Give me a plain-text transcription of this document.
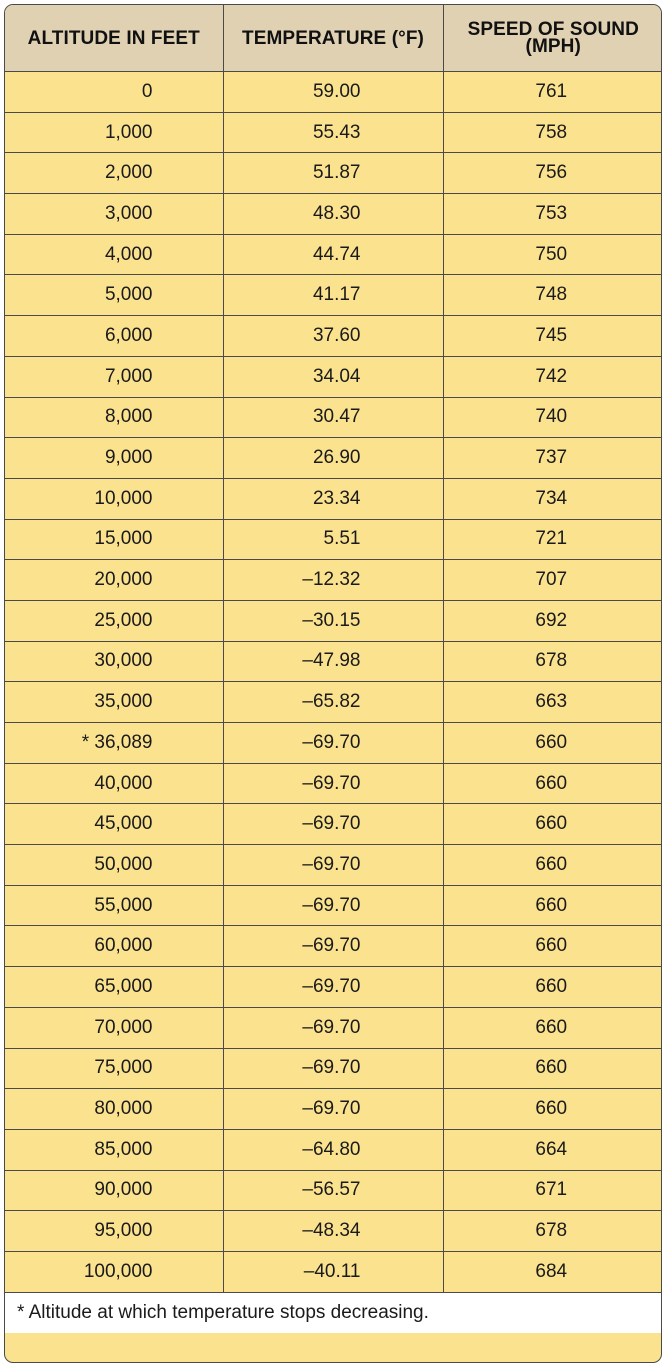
ALTITUDE IN FEET	TEMPERATURE (°F)	SPEED OF SOUND (MPH)
0	59.00	761
1,000	55.43	758
2,000	51.87	756
3,000	48.30	753
4,000	44.74	750
5,000	41.17	748
6,000	37.60	745
7,000	34.04	742
8,000	30.47	740
9,000	26.90	737
10,000	23.34	734
15,000	5.51	721
20,000	–12.32	707
25,000	–30.15	692
30,000	–47.98	678
35,000	–65.82	663
* 36,089	–69.70	660
40,000	–69.70	660
45,000	–69.70	660
50,000	–69.70	660
55,000	–69.70	660
60,000	–69.70	660
65,000	–69.70	660
70,000	–69.70	660
75,000	–69.70	660
80,000	–69.70	660
85,000	–64.80	664
90,000	–56.57	671
95,000	–48.34	678
100,000	–40.11	684
* Altitude at which temperature stops decreasing.
